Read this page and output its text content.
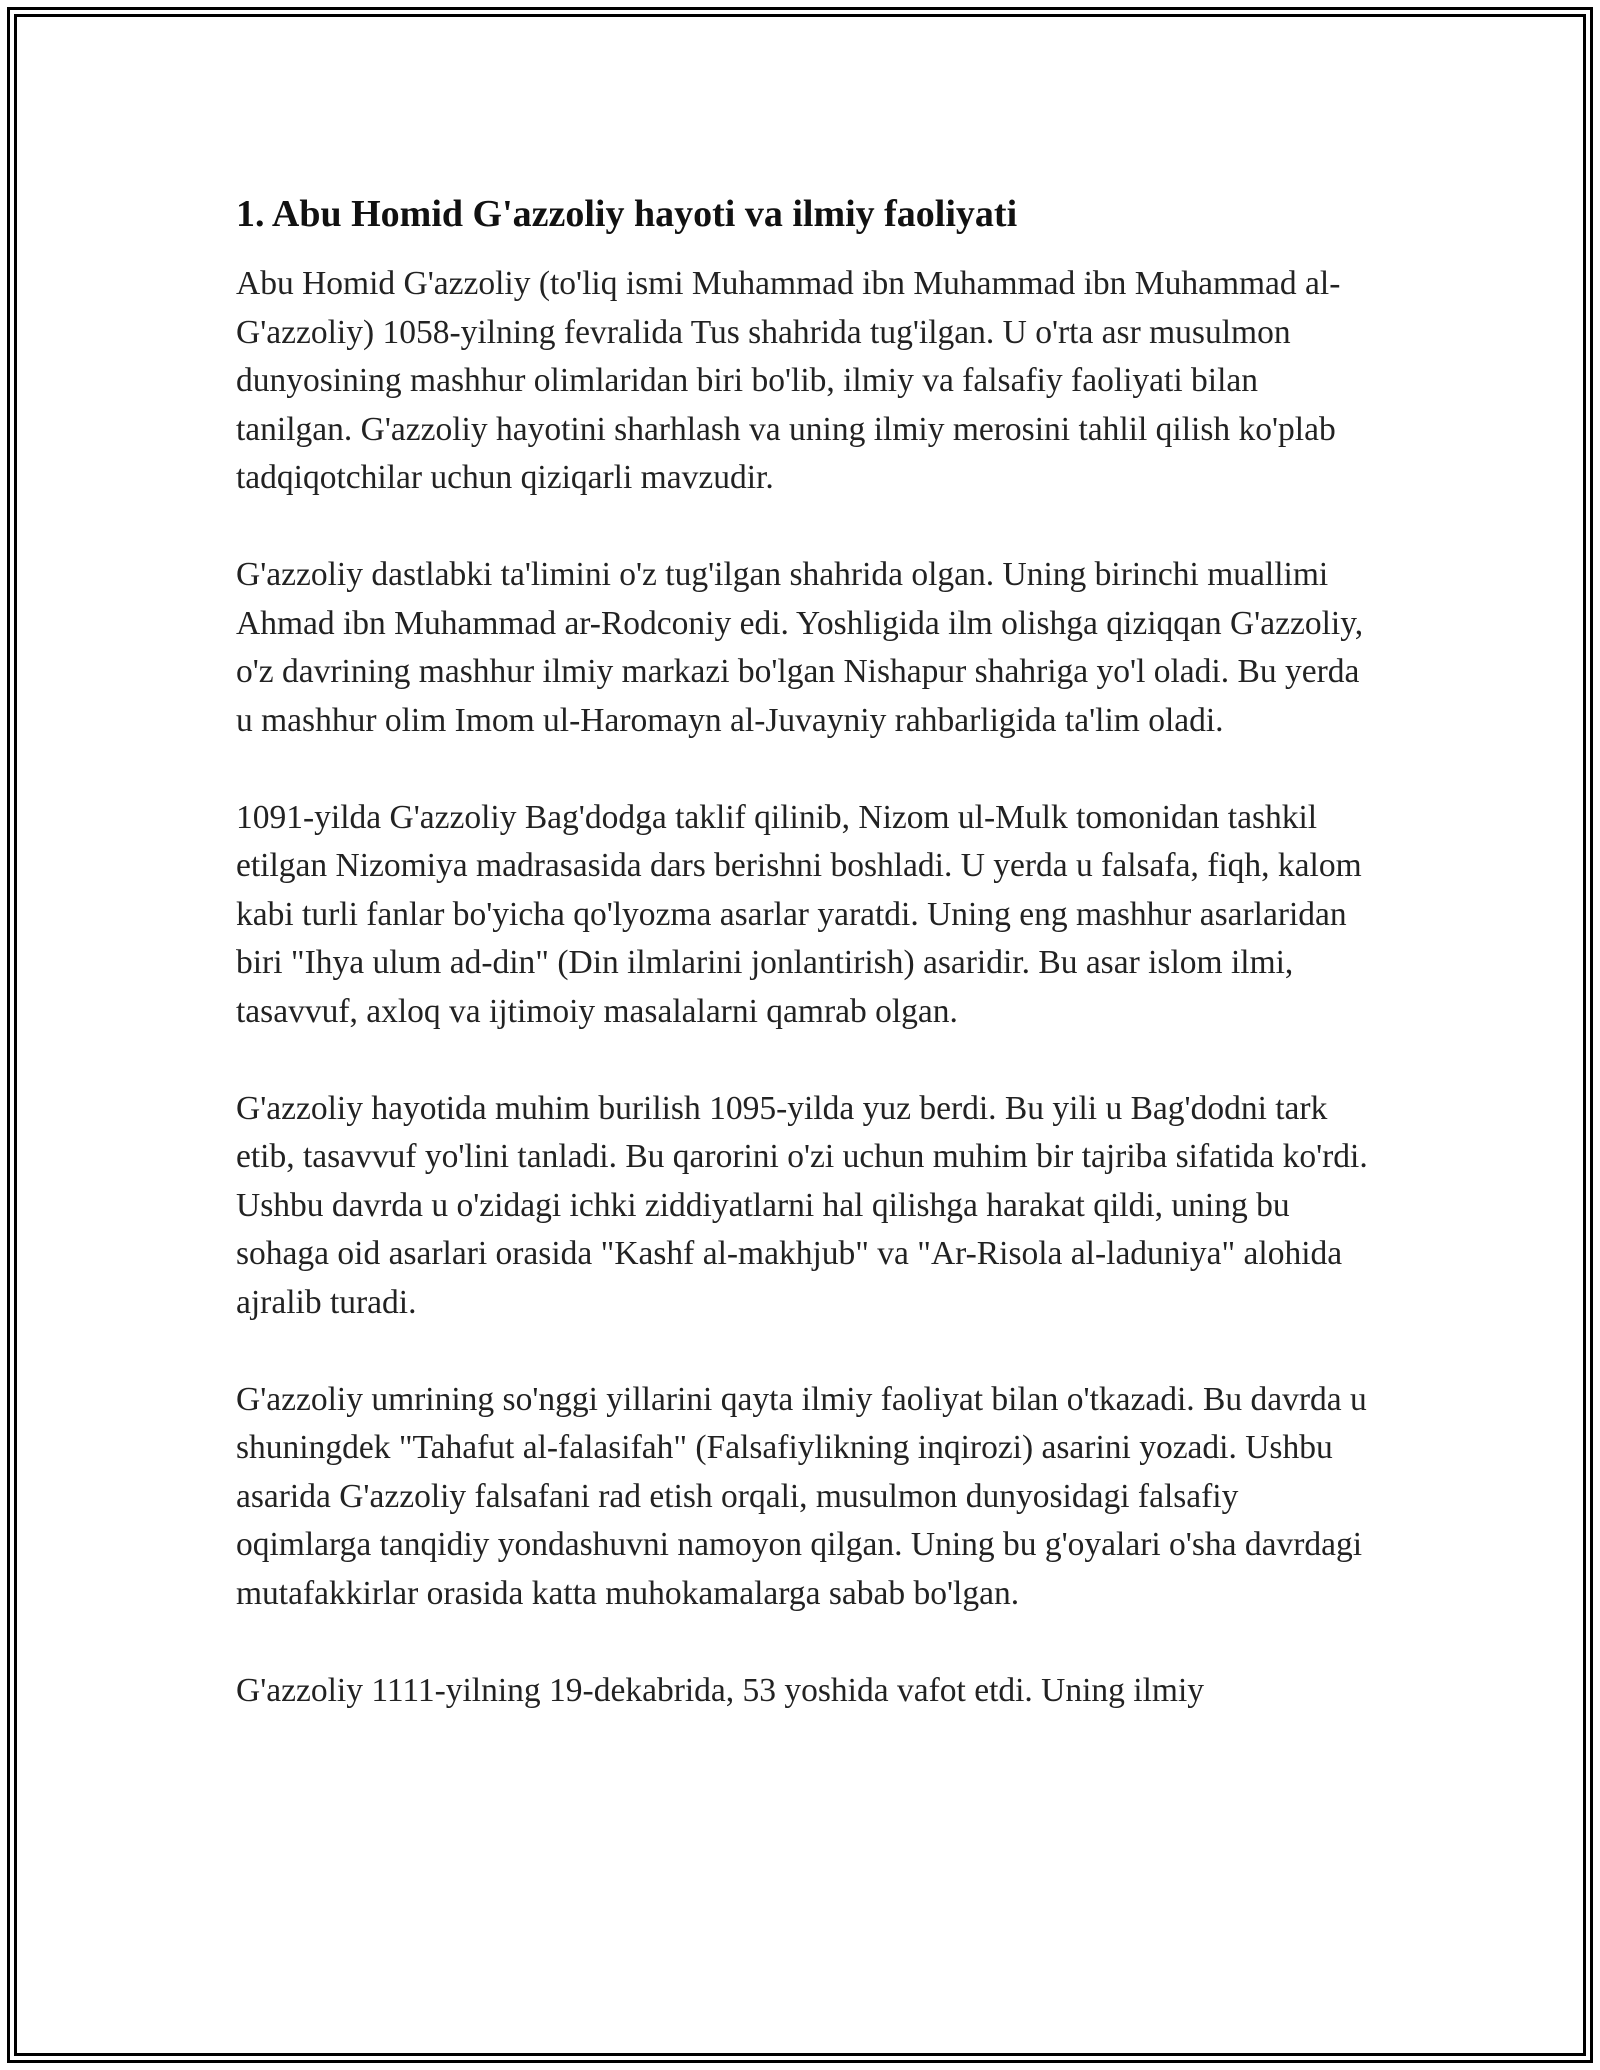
1. Abu Homid G'azzoliy hayoti va ilmiy faoliyati

Abu Homid G'azzoliy (to'liq ismi Muhammad ibn Muhammad ibn Muhammad al-G'azzoliy) 1058-yilning fevralida Tus shahrida tug'ilgan. U o'rta asr musulmon dunyosining mashhur olimlaridan biri bo'lib, ilmiy va falsafiy faoliyati bilan tanilgan. G'azzoliy hayotini sharhlash va uning ilmiy merosini tahlil qilish ko'plab tadqiqotchilar uchun qiziqarli mavzudir.

G'azzoliy dastlabki ta'limini o'z tug'ilgan shahrida olgan. Uning birinchi muallimi Ahmad ibn Muhammad ar-Rodconiy edi. Yoshligida ilm olishga qiziqqan G'azzoliy, o'z davrining mashhur ilmiy markazi bo'lgan Nishapur shahriga yo'l oladi. Bu yerda u mashhur olim Imom ul-Haromayn al-Juvayniy rahbarligida ta'lim oladi.

1091-yilda G'azzoliy Bag'dodga taklif qilinib, Nizom ul-Mulk tomonidan tashkil etilgan Nizomiya madrasasida dars berishni boshladi. U yerda u falsafa, fiqh, kalom kabi turli fanlar bo'yicha qo'lyozma asarlar yaratdi. Uning eng mashhur asarlaridan biri "Ihya ulum ad-din" (Din ilmlarini jonlantirish) asaridir. Bu asar islom ilmi, tasavvuf, axloq va ijtimoiy masalalarni qamrab olgan.

G'azzoliy hayotida muhim burilish 1095-yilda yuz berdi. Bu yili u Bag'dodni tark etib, tasavvuf yo'lini tanladi. Bu qarorini o'zi uchun muhim bir tajriba sifatida ko'rdi. Ushbu davrda u o'zidagi ichki ziddiyatlarni hal qilishga harakat qildi, uning bu sohaga oid asarlari orasida "Kashf al-makhjub" va "Ar-Risola al-laduniya" alohida ajralib turadi.

G'azzoliy umrining so'nggi yillarini qayta ilmiy faoliyat bilan o'tkazadi. Bu davrda u shuningdek "Tahafut al-falasifah" (Falsafiylikning inqirozi) asarini yozadi. Ushbu asarida G'azzoliy falsafani rad etish orqali, musulmon dunyosidagi falsafiy oqimlarga tanqidiy yondashuvni namoyon qilgan. Uning bu g'oyalari o'sha davrdagi mutafakkirlar orasida katta muhokamalarga sabab bo'lgan.

G'azzoliy 1111-yilning 19-dekabrida, 53 yoshida vafot etdi. Uning ilmiy
